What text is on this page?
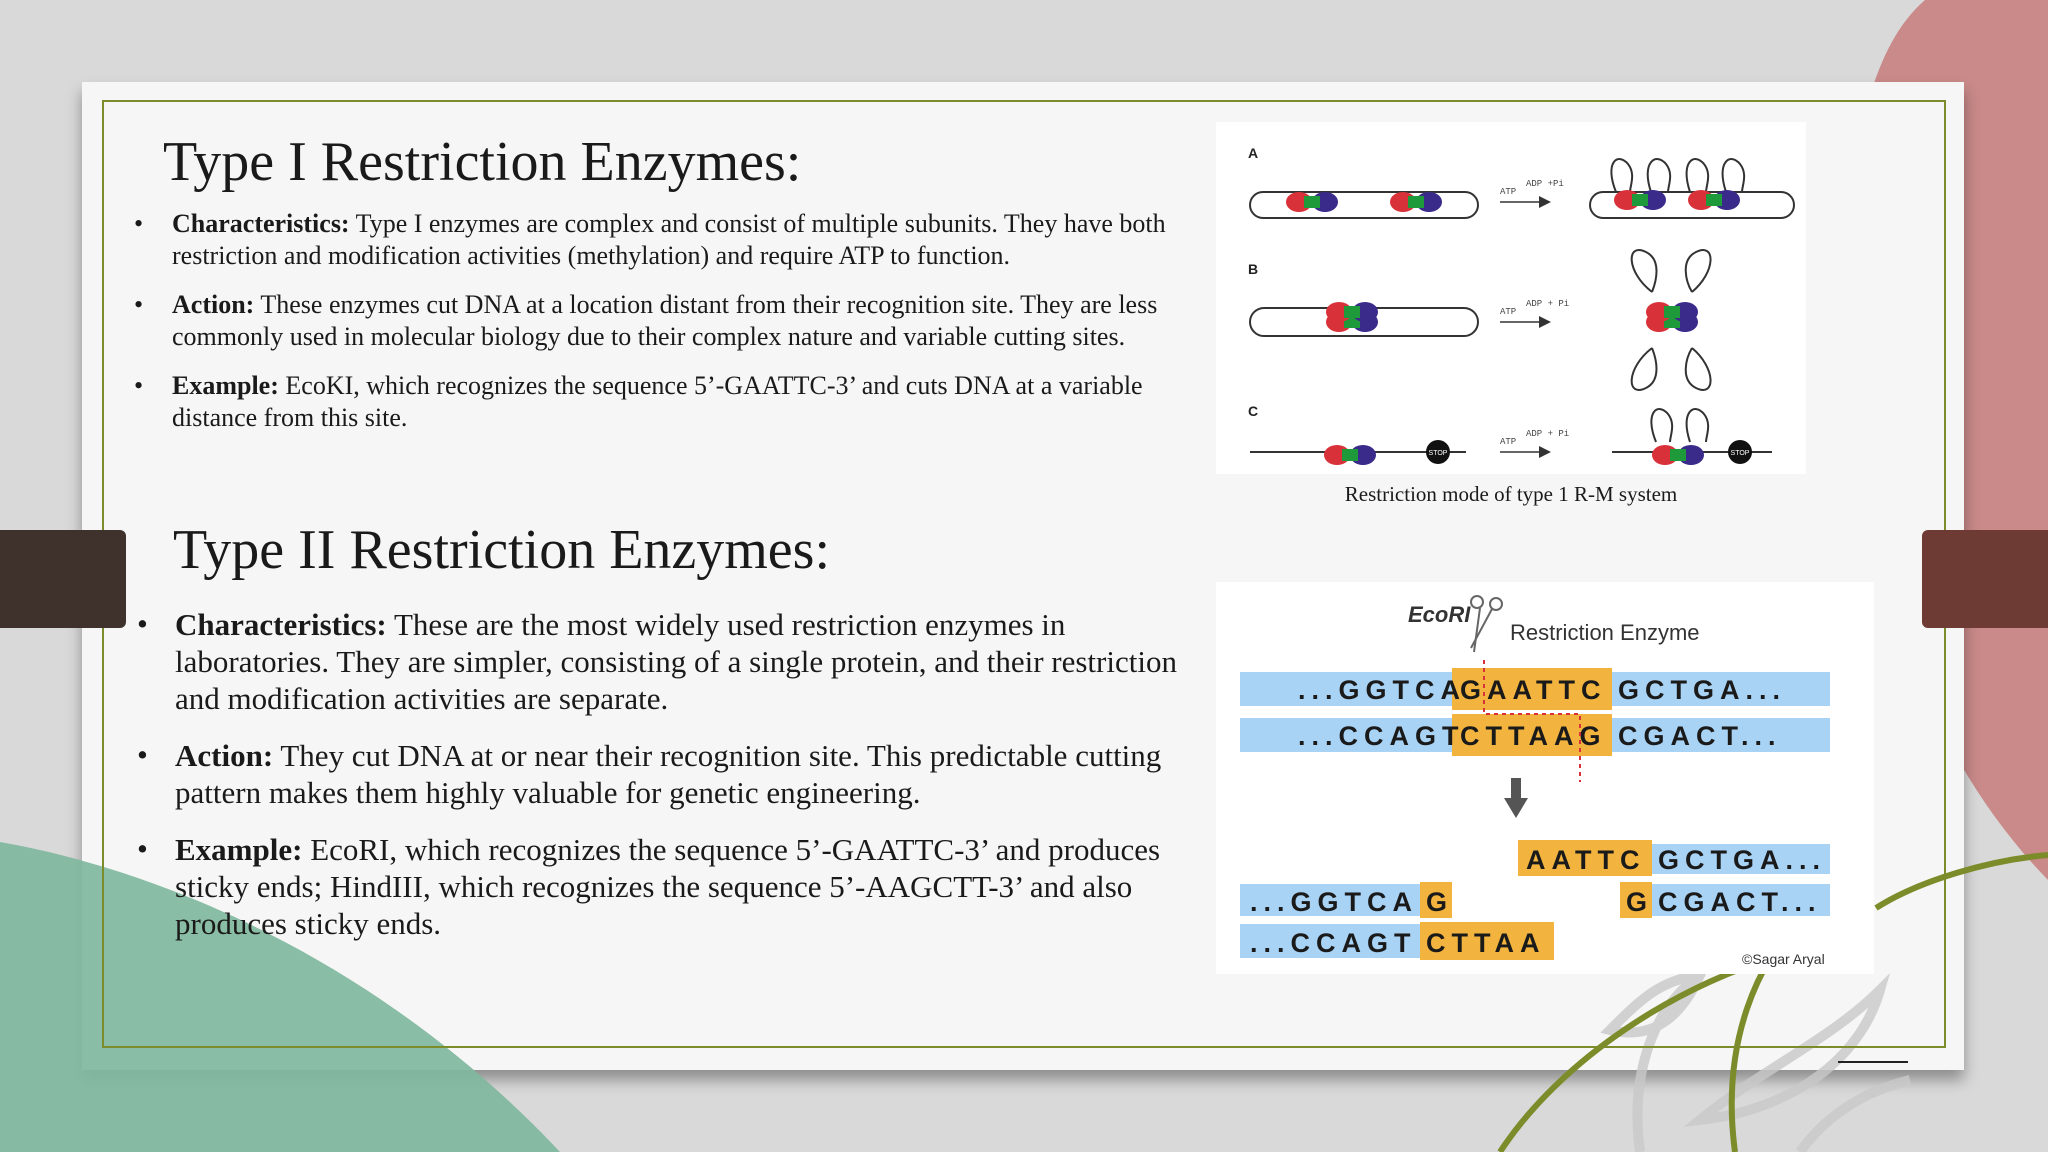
Type I Restriction Enzymes:
• Characteristics: Type I enzymes are complex and consist of multiple subunits. They have both restriction and modification activities (methylation) and require ATP to function.
• Action: These enzymes cut DNA at a location distant from their recognition site. They are less commonly used in molecular biology due to their complex nature and variable cutting sites.
• Example: EcoKI, which recognizes the sequence 5’-GAATTC-3’ and cuts DNA at a variable distance from this site.
Type II Restriction Enzymes:
• Characteristics: These are the most widely used restriction enzymes in laboratories. They are simpler, consisting of a single protein, and their restriction and modification activities are separate.
• Action: They cut DNA at or near their recognition site. This predictable cutting pattern makes them highly valuable for genetic engineering.
• Example: EcoRI, which recognizes the sequence 5’-GAATTC-3’ and produces sticky ends; HindIII, which recognizes the sequence 5’-AAGCTT-3’ and also produces sticky ends.
A
B
C
ATP
ADP +Pi
ATP
ADP + Pi
STOP	STOP
ATP
ADP + Pi
Restriction mode of type 1 R-M system
EcoRI
Restriction Enzyme
...GGTCA
GAATTC GCTGA...
...CCAGT
CTTAAG CGACT...
AATTC GCTGA...
...GGTCA G	G CGACT...
...CCAGT CTTAA
©Sagar Aryal
